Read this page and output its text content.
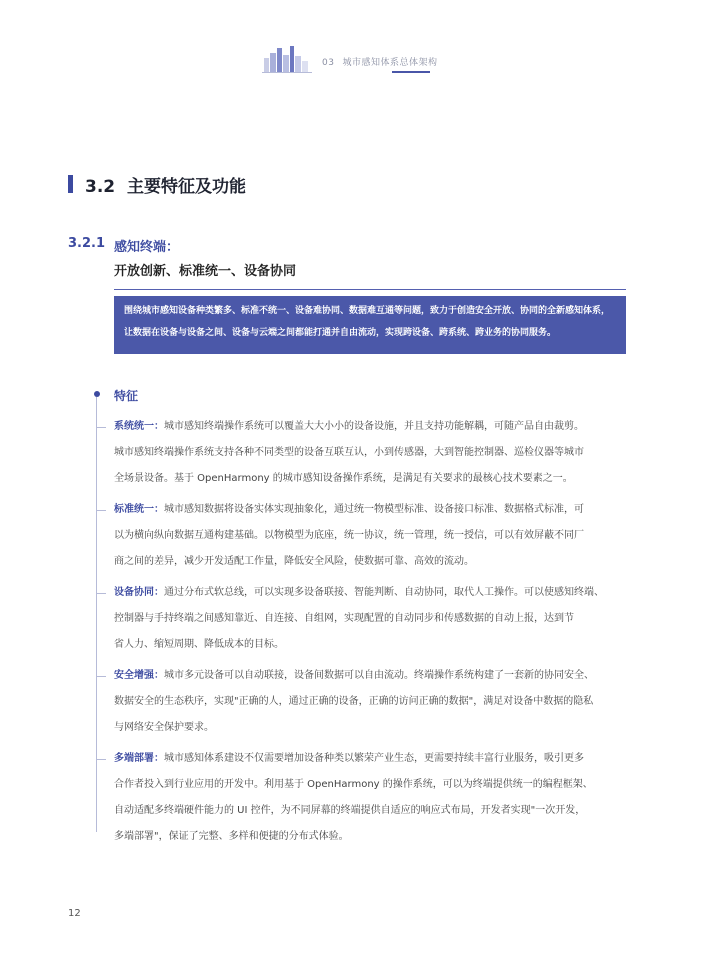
03 城市感知体系总体架构
3.2 主要特征及功能
3.2.1 感知终端：
开放创新、标准统一、设备协同

围绕城市感知设备种类繁多、标准不统一、设备难协同、数据难互通等问题，致力于创造安全开放、协同的全新感知体系，

让数据在设备与设备之间、设备与云端之间都能打通并自由流动，实现跨设备、跨系统、跨业务的协同服务。

特征
系统统一：城市感知终端操作系统可以覆盖大大小小的设备设施，并且支持功能解耦，可随产品自由裁剪。
城市感知终端操作系统支持各种不同类型的设备互联互认，小到传感器，大到智能控制器、巡检仪器等城市
全场景设备。基于 OpenHarmony 的城市感知设备操作系统，是满足有关要求的最核心技术要素之一。
标准统一：城市感知数据将设备实体实现抽象化，通过统一物模型标准、设备接口标准、数据格式标准，可
以为横向纵向数据互通构建基础。以物模型为底座，统一协议，统一管理，统一授信，可以有效屏蔽不同厂
商之间的差异，减少开发适配工作量，降低安全风险，使数据可靠、高效的流动。
设备协同：通过分布式软总线，可以实现多设备联接、智能判断、自动协同，取代人工操作。可以使感知终端、
控制器与手持终端之间感知靠近、自连接、自组网，实现配置的自动同步和传感数据的自动上报，达到节
省人力、缩短周期、降低成本的目标。
安全增强：城市多元设备可以自动联接，设备间数据可以自由流动。终端操作系统构建了一套新的协同安全、
数据安全的生态秩序，实现"正确的人，通过正确的设备，正确的访问正确的数据"，满足对设备中数据的隐私
与网络安全保护要求。
多端部署：城市感知体系建设不仅需要增加设备种类以繁荣产业生态，更需要持续丰富行业服务，吸引更多
合作者投入到行业应用的开发中。利用基于 OpenHarmony 的操作系统，可以为终端提供统一的编程框架、
自动适配多终端硬件能力的 UI 控件，为不同屏幕的终端提供自适应的响应式布局，开发者实现"一次开发，
多端部署"，保证了完整、多样和便捷的分布式体验。
12
